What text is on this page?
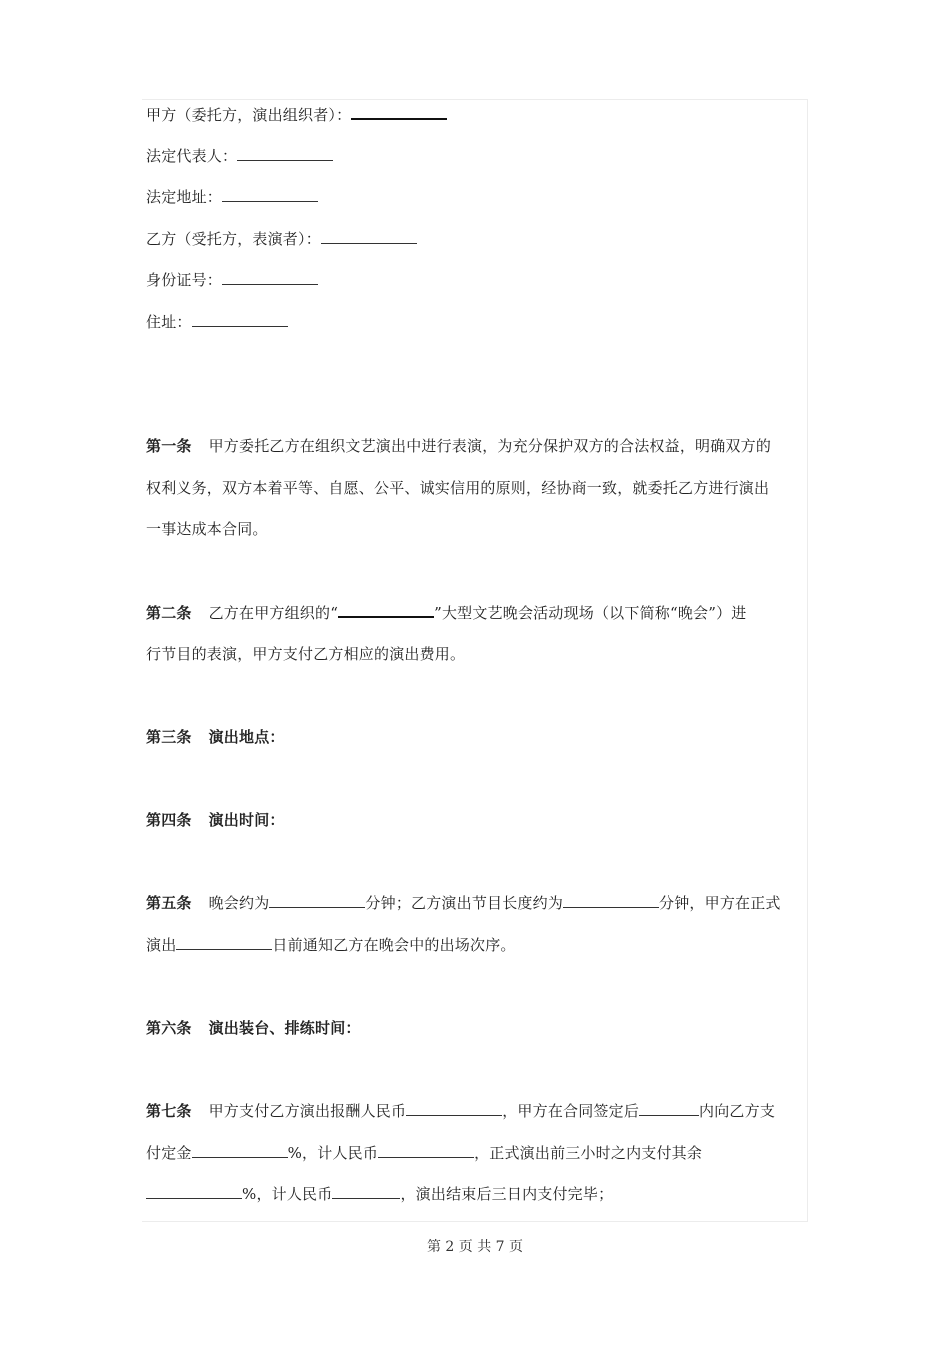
甲方（委托方，演出组织者）：
法定代表人：
法定地址：
乙方（受托方，表演者）：
身份证号：
住址：
第一条 甲方委托乙方在组织文艺演出中进行表演，为充分保护双方的合法权益，明确双方的
权利义务，双方本着平等、自愿、公平、诚实信用的原则，经协商一致，就委托乙方进行演出
一事达成本合同。
第二条 乙方在甲方组织的“	”大型文艺晚会活动现场（以下简称“晚会”）进
行节目的表演，甲方支付乙方相应的演出费用。
第三条 演出地点：
第四条 演出时间：
第五条 晚会约为	分钟；乙方演出节目长度约为	分钟，甲方在正式
演出	日前通知乙方在晚会中的出场次序。
第六条 演出装台、排练时间：
第七条 甲方支付乙方演出报酬人民币	，甲方在合同签定后	内向乙方支
付定金	%，计人民币	，正式演出前三小时之内支付其余
%，计人民币	，演出结束后三日内支付完毕；
第 2 页 共 7 页
